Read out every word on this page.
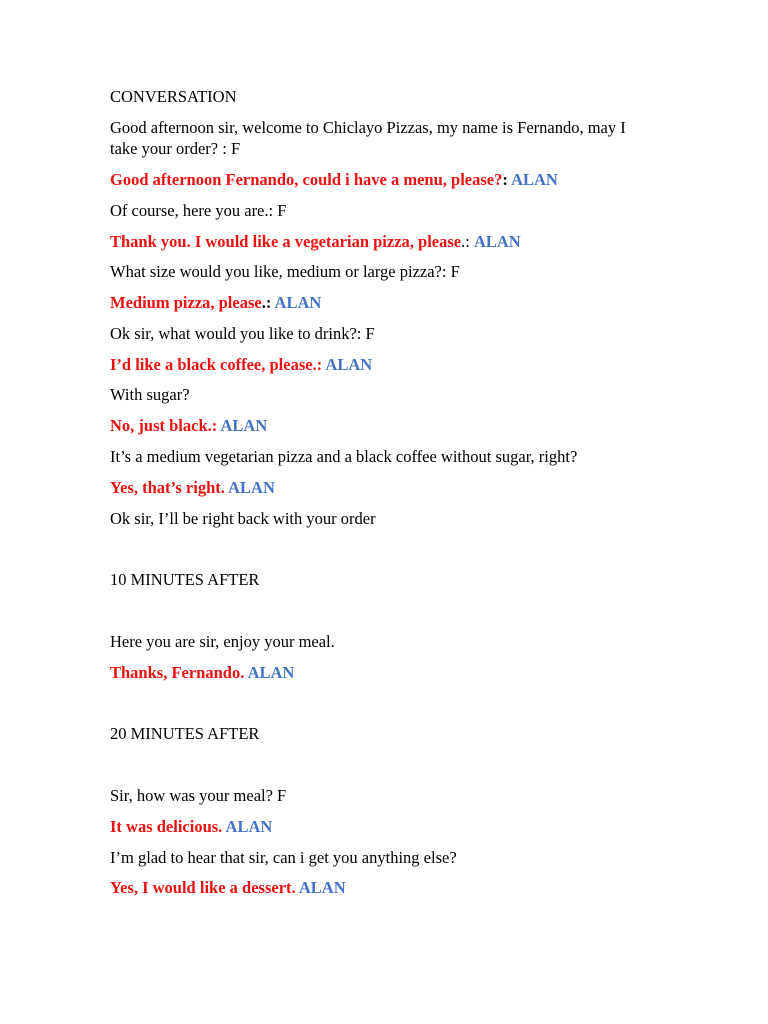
CONVERSATION
Good afternoon sir, welcome to Chiclayo Pizzas, my name is Fernando, may I take your order? : F
Good afternoon Fernando, could i have a menu, please?: ALAN
Of course, here you are.: F
Thank you. I would like a vegetarian pizza, please.: ALAN
What size would you like, medium or large pizza?: F
Medium pizza, please.: ALAN
Ok sir, what would you like to drink?: F
I’d like a black coffee, please.: ALAN
With sugar?
No, just black.: ALAN
It’s a medium vegetarian pizza and a black coffee without sugar, right?
Yes, that’s right. ALAN
Ok sir, I’ll be right back with your order
10 MINUTES AFTER
Here you are sir, enjoy your meal.
Thanks, Fernando. ALAN
20 MINUTES AFTER
Sir, how was your meal? F
It was delicious. ALAN
I’m glad to hear that sir, can i get you anything else?
Yes, I would like a dessert. ALAN
